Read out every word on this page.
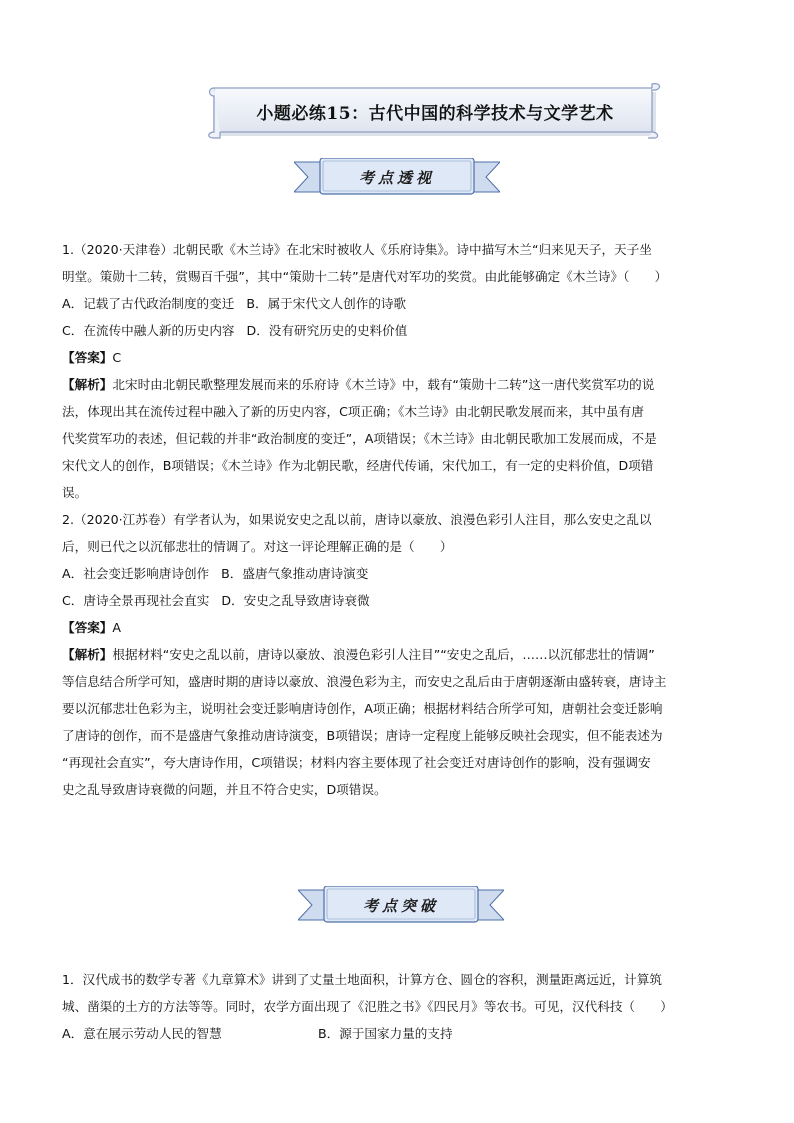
小题必练15：古代中国的科学技术与文学艺术
考点透视

1.（2020·天津卷）北朝民歌《木兰诗》在北宋时被收人《乐府诗集》。诗中描写木兰“归来见天子，天子坐

明堂。策勋十二转，赏赐百千强”，其中“策勋十二转”是唐代对军功的奖赏。由此能够确定《木兰诗》（　　）

A．记载了古代政治制度的变迁 B．属于宋代文人创作的诗歌

C．在流传中融人新的历史内容 D．没有研究历史的史料价值

【答案】C

【解析】北宋时由北朝民歌整理发展而来的乐府诗《木兰诗》中，载有“策勋十二转”这一唐代奖赏军功的说

法，体现出其在流传过程中融入了新的历史内容，C项正确；《木兰诗》由北朝民歌发展而来，其中虽有唐

代奖赏军功的表述，但记载的并非“政治制度的变迁”，A项错误；《木兰诗》由北朝民歌加工发展而成，不是

宋代文人的创作，B项错误；《木兰诗》作为北朝民歌，经唐代传诵，宋代加工，有一定的史料价值，D项错

误。

2.（2020·江苏卷）有学者认为，如果说安史之乱以前，唐诗以豪放、浪漫色彩引人注目，那么安史之乱以

后，则已代之以沉郁悲壮的情调了。对这一评论理解正确的是（　　）

A．社会变迁影响唐诗创作 B．盛唐气象推动唐诗演变

C．唐诗全景再现社会直实 D．安史之乱导致唐诗衰微

【答案】A

【解析】根据材料“安史之乱以前，唐诗以豪放、浪漫色彩引人注目”“安史之乱后，……以沉郁悲壮的情调”

等信息结合所学可知，盛唐时期的唐诗以豪放、浪漫色彩为主，而安史之乱后由于唐朝逐渐由盛转衰，唐诗主

要以沉郁悲壮色彩为主，说明社会变迁影响唐诗创作，A项正确；根据材料结合所学可知，唐朝社会变迁影响

了唐诗的创作，而不是盛唐气象推动唐诗演变，B项错误；唐诗一定程度上能够反映社会现实，但不能表述为

“再现社会直实”，夸大唐诗作用，C项错误；材料内容主要体现了社会变迁对唐诗创作的影响，没有强调安

史之乱导致唐诗衰微的问题，并且不符合史实，D项错误。

考点突破

1．汉代成书的数学专著《九章算术》讲到了丈量土地面积，计算方仓、圆仓的容积，测量距离远近，计算筑

城、凿渠的土方的方法等等。同时，农学方面出现了《氾胜之书》《四民月》等农书。可见，汉代科技（　　）

A．意在展示劳动人民的智慧	B．源于国家力量的支持
